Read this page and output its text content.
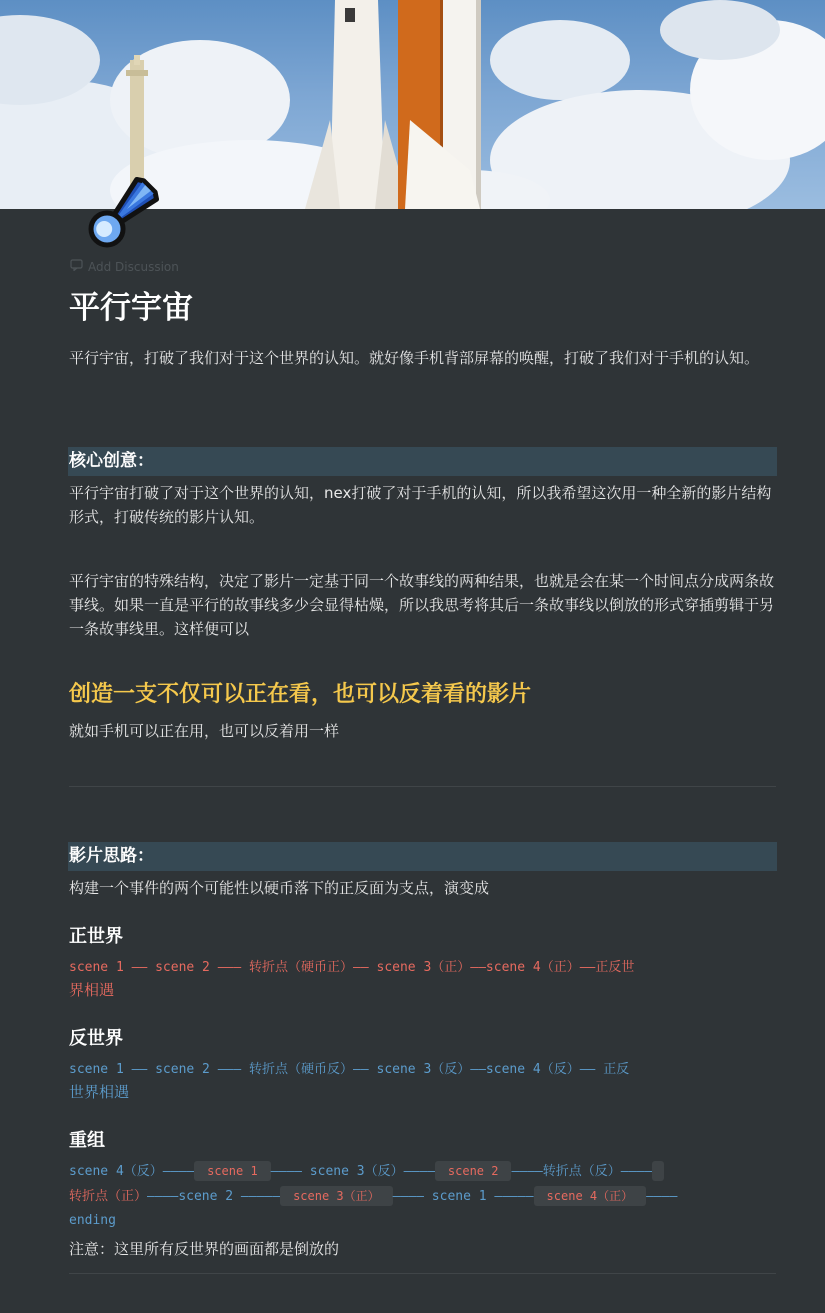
Add Discussion
平行宇宙
平行宇宙，打破了我们对于这个世界的认知。就好像手机背部屏幕的唤醒，打破了我们对于手机的认知。
核心创意：
平行宇宙打破了对于这个世界的认知，nex打破了对于手机的认知，所以我希望这次用一种全新的影片结构形式，打破传统的影片认知。
平行宇宙的特殊结构，决定了影片一定基于同一个故事线的两种结果，也就是会在某一个时间点分成两条故事线。如果一直是平行的故事线多少会显得枯燥，所以我思考将其后一条故事线以倒放的形式穿插剪辑于另一条故事线里。这样便可以
创造一支不仅可以正在看，也可以反着看的影片
就如手机可以正在用，也可以反着用一样
影片思路：
构建一个事件的两个可能性以硬币落下的正反面为支点，演变成
正世界
scene 1 —— scene 2 ——— 转折点（硬币正）—— scene 3（正）——scene 4（正）——正反世
界相遇
反世界
scene 1 —— scene 2 ——— 转折点（硬币反）—— scene 3（反）——scene 4（反）—— 正反
世界相遇
重组
scene 4（反）———— scene 1 ———— scene 3（反）———— scene 2 ————转折点（反）————
转折点（正）————scene 2 ————— scene 3（正） ———— scene 1 ————— scene 4（正） ————
ending
注意：这里所有反世界的画面都是倒放的
